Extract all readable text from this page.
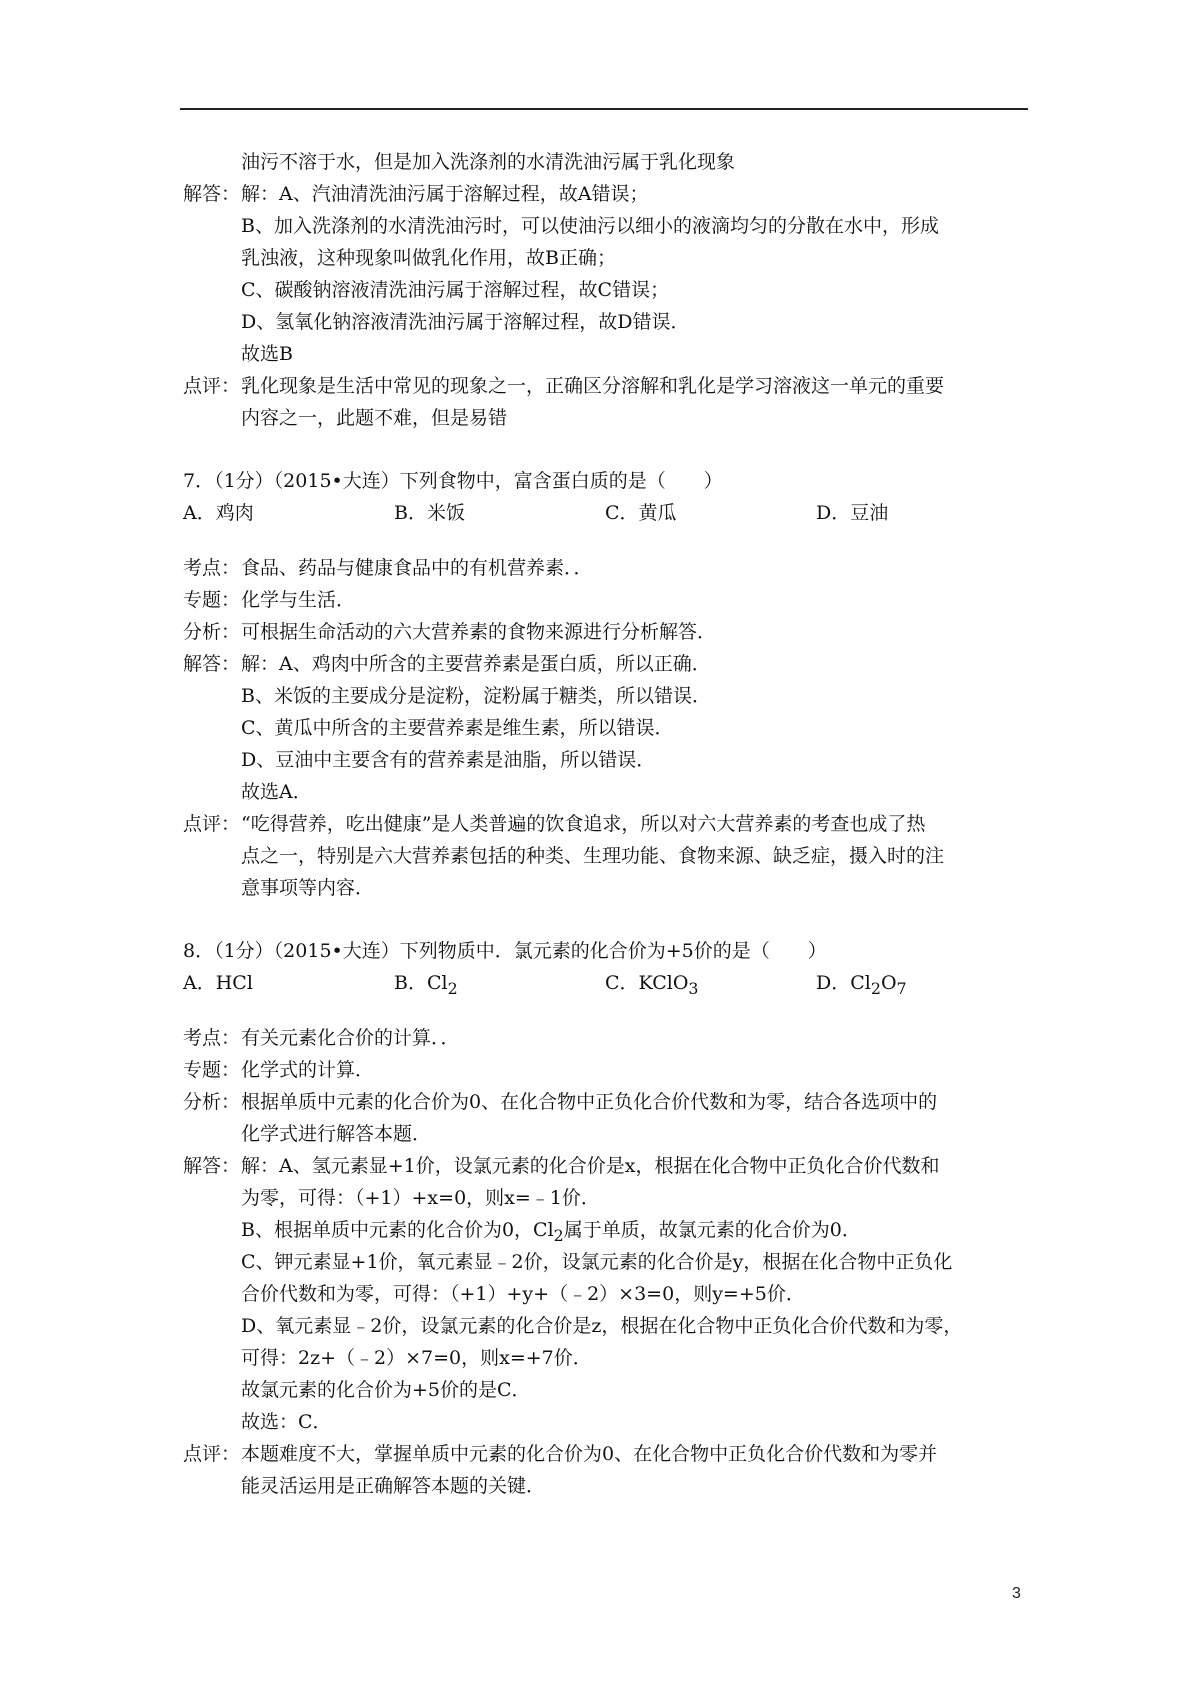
油污不溶于水，但是加入洗涤剂的水清洗油污属于乳化现象
解答：解：A、汽油清洗油污属于溶解过程，故A错误；
B、加入洗涤剂的水清洗油污时，可以使油污以细小的液滴均匀的分散在水中，形成
乳浊液，这种现象叫做乳化作用，故B正确；
C、碳酸钠溶液清洗油污属于溶解过程，故C错误；
D、氢氧化钠溶液清洗油污属于溶解过程，故D错误．
故选B
点评：乳化现象是生活中常见的现象之一，正确区分溶解和乳化是学习溶液这一单元的重要
内容之一，此题不难，但是易错
7．（1分）（2015•大连）下列食物中，富含蛋白质的是（　　）
A．鸡肉	B．米饭	C．黄瓜	D．豆油
考点：食品、药品与健康食品中的有机营养素．．
专题：化学与生活．
分析：可根据生命活动的六大营养素的食物来源进行分析解答．
解答：解：A、鸡肉中所含的主要营养素是蛋白质，所以正确．
B、米饭的主要成分是淀粉，淀粉属于糖类，所以错误．
C、黄瓜中所含的主要营养素是维生素，所以错误．
D、豆油中主要含有的营养素是油脂，所以错误．
故选A．
点评：“吃得营养，吃出健康”是人类普遍的饮食追求，所以对六大营养素的考查也成了热
点之一，特别是六大营养素包括的种类、生理功能、食物来源、缺乏症，摄入时的注
意事项等内容．
8．（1分）（2015•大连）下列物质中．氯元素的化合价为+5价的是（　　）
A．HCl	B．$Cl_2$	C．KClO$_3$	D．$Cl_2O_7$
考点：有关元素化合价的计算．．
专题：化学式的计算．
分析：根据单质中元素的化合价为0、在化合物中正负化合价代数和为零，结合各选项中的
化学式进行解答本题．
解答：解：A、氢元素显+1价，设氯元素的化合价是x，根据在化合物中正负化合价代数和
为零，可得：（+1）+x=0，则x=﹣1价．
B、根据单质中元素的化合价为0，$Cl_2$属于单质，故氯元素的化合价为0．
C、钾元素显+1价，氧元素显﹣2价，设氯元素的化合价是y，根据在化合物中正负化
合价代数和为零，可得：（+1）+y+（﹣2）×3=0，则y=+5价．
D、氧元素显﹣2价，设氯元素的化合价是z，根据在化合物中正负化合价代数和为零，
可得：2z+（﹣2）×7=0，则x=+7价．
故氯元素的化合价为+5价的是C．
故选：C．
点评：本题难度不大，掌握单质中元素的化合价为0、在化合物中正负化合价代数和为零并
能灵活运用是正确解答本题的关键．
3
